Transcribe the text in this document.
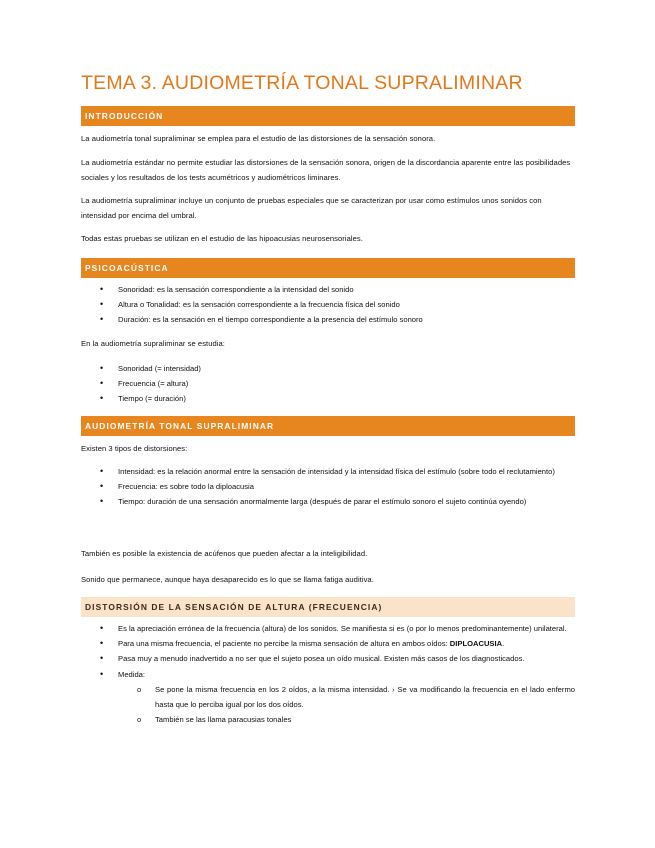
TEMA 3. AUDIOMETRÍA TONAL SUPRALIMINAR
INTRODUCCIÓN
La audiometría tonal supraliminar se emplea para el estudio de las distorsiones de la sensación sonora.
La audiometría estándar no permite estudiar las distorsiones de la sensación sonora, origen de la discordancia aparente entre las posibilidades sociales y los resultados de los tests acumétricos y audiométricos liminares.
La audiometría supraliminar incluye un conjunto de pruebas especiales que se caracterizan por usar como estímulos unos sonidos con intensidad por encima del umbral.
Todas estas pruebas se utilizan en el estudio de las hipoacusias neurosensoriales.
PSICOACÚSTICA
• Sonoridad: es la sensación correspondiente a la intensidad del sonido
• Altura o Tonalidad: es la sensación correspondiente a la frecuencia física del sonido
• Duración: es la sensación en el tiempo correspondiente a la presencia del estímulo sonoro
En la audiometría supraliminar se estudia:
• Sonoridad (= intensidad)
• Frecuencia (= altura)
• Tiempo (= duración)
AUDIOMETRÍA TONAL SUPRALIMINAR
Existen 3 tipos de distorsiones:
• Intensidad: es la relación anormal entre la sensación de intensidad y la intensidad física del estímulo (sobre todo el reclutamiento)
• Frecuencia: es sobre todo la diploacusia
• Tiempo: duración de una sensación anormalmente larga (después de parar el estímulo sonoro el sujeto continúa oyendo)
También es posible la existencia de acúfenos que pueden afectar a la inteligibilidad.
Sonido que permanece, aunque haya desaparecido es lo que se llama fatiga auditiva.
DISTORSIÓN DE LA SENSACIÓN DE ALTURA (FRECUENCIA)
• Es la apreciación errónea de la frecuencia (altura) de los sonidos. Se manifiesta si es (o por lo menos predominantemente) unilateral.
• Para una misma frecuencia, el paciente no percibe la misma sensación de altura en ambos oídos: DIPLOACUSIA.
• Pasa muy a menudo inadvertido a no ser que el sujeto posea un oído musical. Existen más casos de los diagnosticados.
• Medida:
o Se pone la misma frecuencia en los 2 oídos, a la misma intensidad. › Se va modificando la frecuencia en el lado enfermo hasta que lo perciba igual por los dos oídos.
o También se las llama paracusias tonales
